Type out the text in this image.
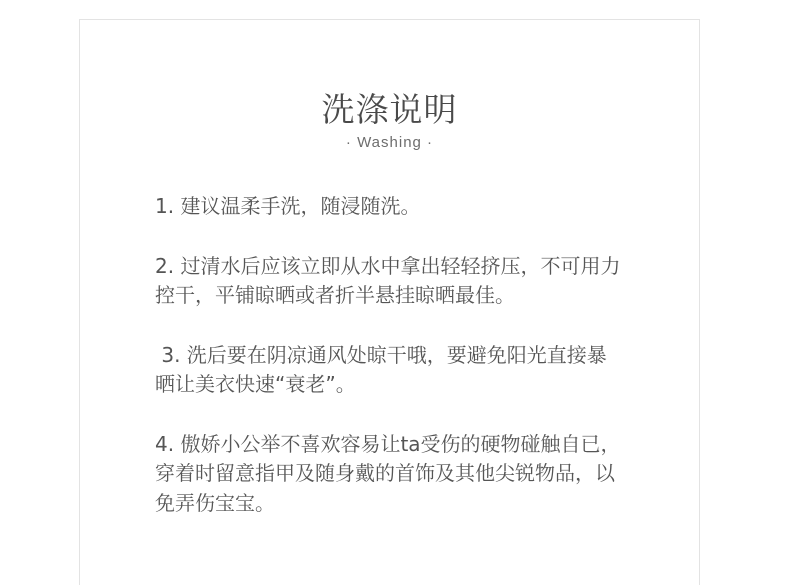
洗涤说明
· Washing ·

1. 建议温柔手洗，随浸随洗。

2. 过清水后应该立即从水中拿出轻轻挤压，不可用力控干，平铺晾晒或者折半悬挂晾晒最佳。

3. 洗后要在阴凉通风处晾干哦，要避免阳光直接暴晒让美衣快速“衰老”。

4. 傲娇小公举不喜欢容易让ta受伤的硬物碰触自已，穿着时留意指甲及随身戴的首饰及其他尖锐物品，以免弄伤宝宝。
